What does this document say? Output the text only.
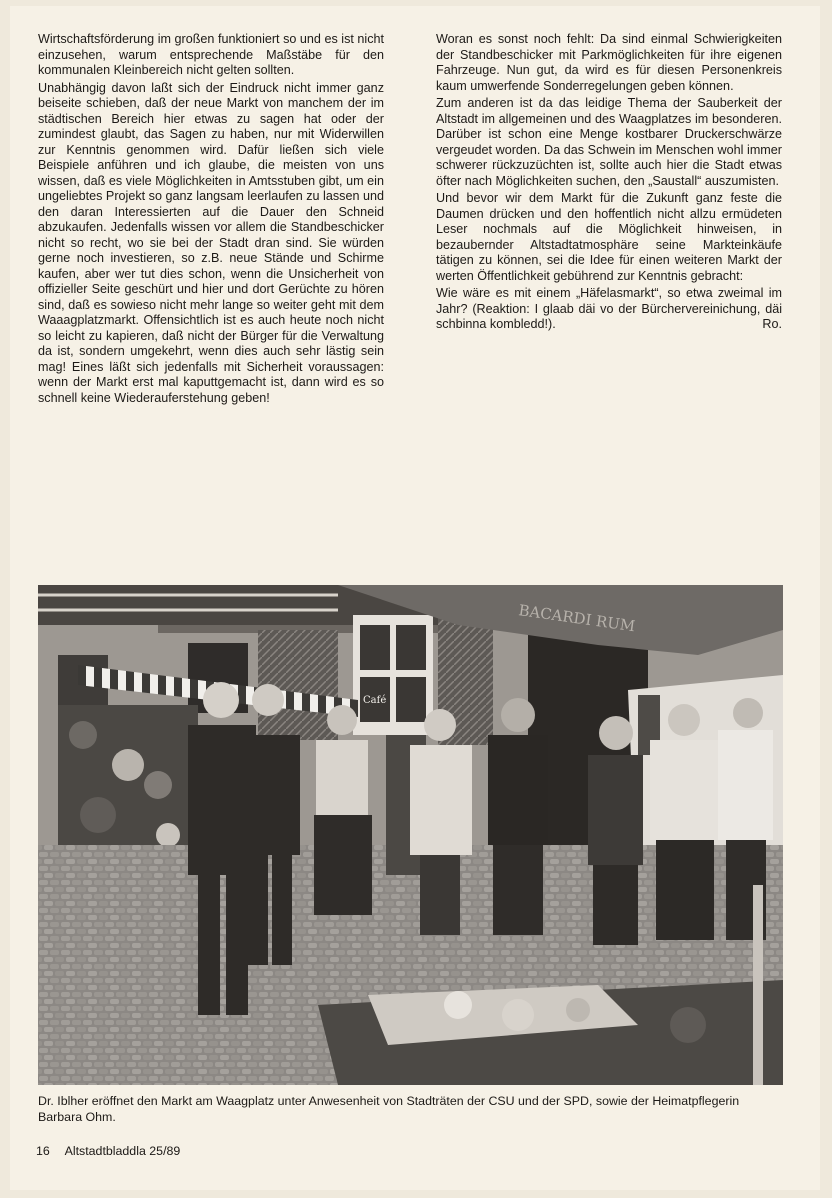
Wirtschaftsförderung im großen funktioniert so und es ist nicht einzusehen, warum entsprechende Maßstäbe für den kommunalen Kleinbereich nicht gelten sollten.

Unabhängig davon laßt sich der Eindruck nicht immer ganz beiseite schieben, daß der neue Markt von manchem der im städtischen Bereich hier etwas zu sagen hat oder der zumindest glaubt, das Sagen zu haben, nur mit Widerwillen zur Kenntnis genommen wird. Dafür ließen sich viele Beispiele anführen und ich glaube, die meisten von uns wissen, daß es viele Möglichkeiten in Amtsstuben gibt, um ein ungeliebtes Projekt so ganz langsam leerlaufen zu lassen und den daran Interessierten auf die Dauer den Schneid abzukaufen. Jedenfalls wissen vor allem die Standbeschicker nicht so recht, wo sie bei der Stadt dran sind. Sie würden gerne noch investieren, so z.B. neue Stände und Schirme kaufen, aber wer tut dies schon, wenn die Unsicherheit von offizieller Seite geschürt und hier und dort Gerüchte zu hören sind, daß es sowieso nicht mehr lange so weiter geht mit dem Waaagplatzmarkt. Offensichtlich ist es auch heute noch nicht so leicht zu kapieren, daß nicht der Bürger für die Verwaltung da ist, sondern umgekehrt, wenn dies auch sehr lästig sein mag! Eines läßt sich jedenfalls mit Sicherheit voraussagen: wenn der Markt erst mal kaputtgemacht ist, dann wird es so schnell keine Wiederauferstehung geben!

Woran es sonst noch fehlt: Da sind einmal Schwierigkeiten der Standbeschicker mit Parkmöglichkeiten für ihre eigenen Fahrzeuge. Nun gut, da wird es für diesen Personenkreis kaum umwerfende Sonderregelungen geben können.

Zum anderen ist da das leidige Thema der Sauberkeit der Altstadt im allgemeinen und des Waagplatzes im besonderen. Darüber ist schon eine Menge kostbarer Druckerschwärze vergeudet worden. Da das Schwein im Menschen wohl immer schwerer rückzuzüchten ist, sollte auch hier die Stadt etwas öfter nach Möglichkeiten suchen, den „Saustall“ auszumisten.

Und bevor wir dem Markt für die Zukunft ganz feste die Daumen drücken und den hoffentlich nicht allzu ermüdeten Leser nochmals auf die Möglichkeit hinweisen, in bezaubernder Altstadtatmosphäre seine Markteinkäufe tätigen zu können, sei die Idee für einen weiteren Markt der werten Öffentlichkeit gebührend zur Kenntnis gebracht:

Wie wäre es mit einem „Häfelasmarkt“, so etwa zweimal im Jahr? (Reaktion: I glaab däi vo der Bürchervereinichung, däi schbinna kombledd!).	Ro.

Café
BACARDI RUM
Dr. Iblher eröffnet den Markt am Waagplatz unter Anwesenheit von Stadträten der CSU und der SPD, sowie der Heimatpflegerin Barbara Ohm.
16 Altstadtbladdla 25/89
